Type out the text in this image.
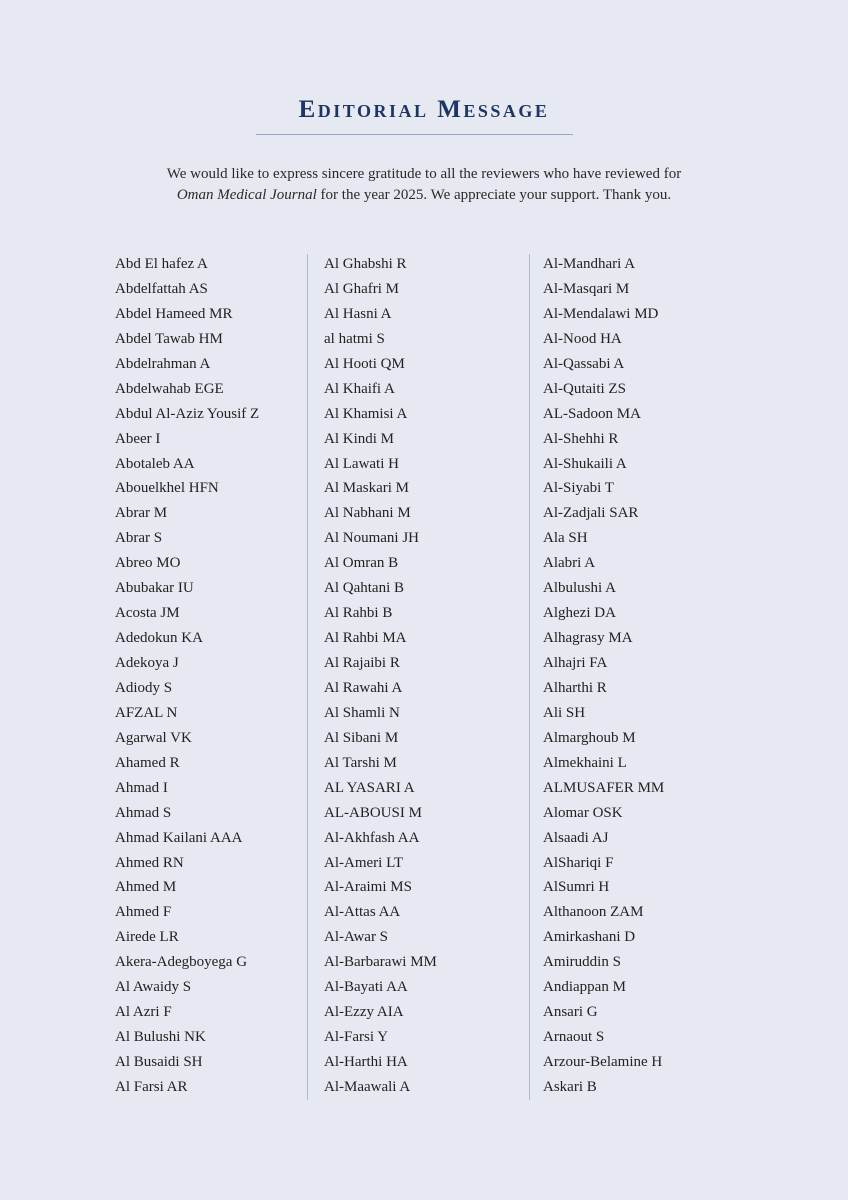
Editorial Message

We would like to express sincere gratitude to all the reviewers who have reviewed for
Oman Medical Journal for the year 2025. We appreciate your support. Thank you.

Abd El hafez A
Abdelfattah AS
Abdel Hameed MR
Abdel Tawab HM
Abdelrahman A
Abdelwahab EGE
Abdul Al-Aziz Yousif Z
Abeer I
Abotaleb AA
Abouelkhel HFN
Abrar M
Abrar S
Abreo MO
Abubakar IU
Acosta JM
Adedokun KA
Adekoya J
Adiody S
AFZAL N
Agarwal VK
Ahamed R
Ahmad I
Ahmad S
Ahmad Kailani AAA
Ahmed RN
Ahmed M
Ahmed F
Airede LR
Akera-Adegboyega G
Al Awaidy S
Al Azri F
Al Bulushi NK
Al Busaidi SH
Al Farsi AR
Al Ghabshi R
Al Ghafri M
Al Hasni A
al hatmi S
Al Hooti QM
Al Khaifi A
Al Khamisi A
Al Kindi M
Al Lawati H
Al Maskari M
Al Nabhani M
Al Noumani JH
Al Omran B
Al Qahtani B
Al Rahbi B
Al Rahbi MA
Al Rajaibi R
Al Rawahi A
Al Shamli N
Al Sibani M
Al Tarshi M
AL YASARI A
AL-ABOUSI M
Al-Akhfash AA
Al-Ameri LT
Al-Araimi MS
Al-Attas AA
Al-Awar S
Al-Barbarawi MM
Al-Bayati AA
Al-Ezzy AIA
Al-Farsi Y
Al-Harthi HA
Al-Maawali A
Al-Mandhari A
Al-Masqari M
Al-Mendalawi MD
Al-Nood HA
Al-Qassabi A
Al-Qutaiti ZS
AL-Sadoon MA
Al-Shehhi R
Al-Shukaili A
Al-Siyabi T
Al-Zadjali SAR
Ala SH
Alabri A
Albulushi A
Alghezi DA
Alhagrasy MA
Alhajri FA
Alharthi R
Ali SH
Almarghoub M
Almekhaini L
ALMUSAFER MM
Alomar OSK
Alsaadi AJ
AlShariqi F
AlSumri H
Althanoon ZAM
Amirkashani D
Amiruddin S
Andiappan M
Ansari G
Arnaout S
Arzour-Belamine H
Askari B
